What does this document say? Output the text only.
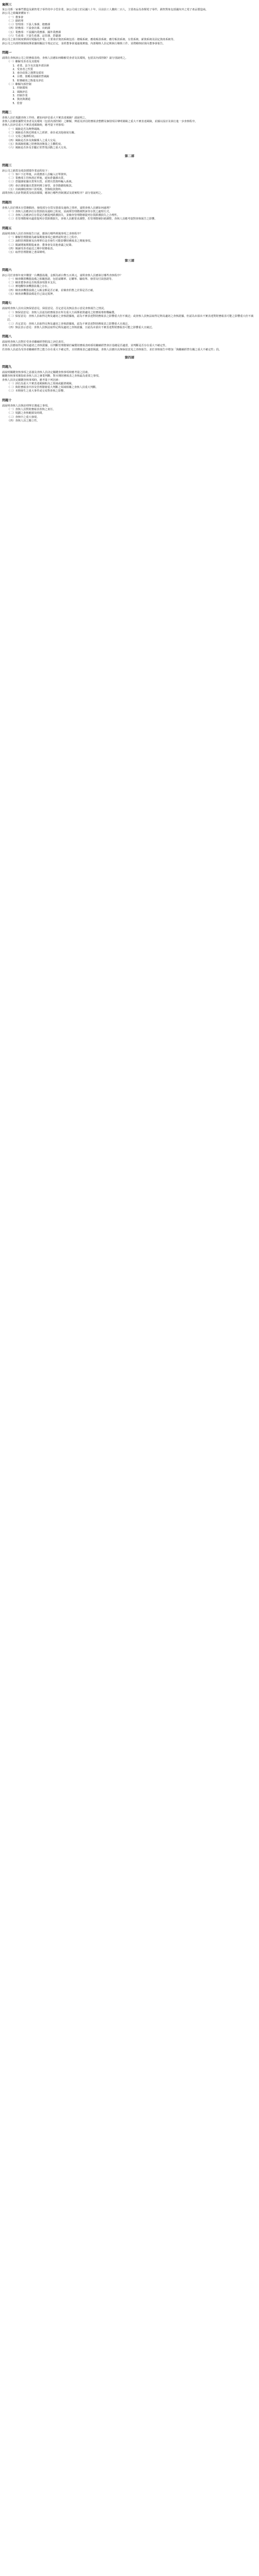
案例三

某公司係一家專門製造及銷售電子零件的中小型企業，該公司成立於民國八十年，目前員工人數約二百人，主要產品為各類電子零件，銷售對象包括國內外之電子產品製造商。

該公司之組織架構如下：

（一）董事會

（二）總經理

（三）管理部：下設人事課、總務課

（四）財務部：下設會計課、出納課

（五）業務部：下設國內業務課、國外業務課

（六）生產部：下設生產課、品管課、倉儲課

該公司之會計制度係採用電腦化作業，主要會計資訊系統包括：總帳系統、應收帳款系統、應付帳款系統、存貨系統、薪資系統及固定資產系統等。

該公司之內部控制制度係依據相關法令規定訂定，並經董事會通過後實施，內部稽核人員定期執行稽核工作，並將稽核結果向董事會報告。

問題一

請問在查核該公司之財務報表時，查核人員應如何瞭解受查者及其環境，包括其內部控制？請分別說明之。

（一）瞭解受查者及其環境

　　1．產業、法令及其他外部因素

　　2．受查者之性質

　　3．會計政策之選擇及採用

　　4．目標、策略及相關經營風險

　　5．財務績效之衡量及評估

（二）瞭解內部控制

　　1．控制環境

　　2．風險評估

　　3．控制作業

　　4．資訊與溝通

　　5．監督

問題二

查核人員於規劃查核工作時，應如何評估重大不實表達風險？請說明之。

查核人員應依據對受查者及其環境（包括內部控制）之瞭解，辨認及評估財務報表整體及個別項目聲明層級之重大不實表達風險，並據以設計及執行進一步查核程序。

查核人員評估重大不實表達風險時，應考量下列事項：

（一）風險是否為舞弊風險。

（二）風險是否與近期重大之經濟、會計或其他發展有關。

（三）交易之複雜程度。

（四）風險是否涉及與關係人之重大交易。

（五）與風險相關之財務資訊衡量之主觀程度。

（六）風險是否涉及非屬正常營業活動之重大交易。

第二部
問題三

該公司之銷貨及收款循環作業流程如下：

（一）客戶下訂單後，由業務部人員輸入訂單資料。

（二）業務部主管核准訂單後，通知倉儲課出貨。

（三）倉儲課依據出貨單出貨，並將出貨資料輸入系統。

（四）會計課依據出貨資料開立發票，並登錄應收帳款。

（五）出納課收到客戶款項後，登錄收款資料。

請問查核人員針對銷貨及收款循環，應執行哪些控制測試及證實程序？請分別說明之。

問題四

查核人員於期末存貨盤點時，發現部分存貨有毀損及過時之情形，請問查核人員應如何處理？

（一）查核人員應評估存貨毀損及過時之程度，並詢問管理階層對該等存貨之處理方式。

（二）查核人員應評估存貨是否應提列跌價損失，並檢查管理階層提列存貨跌價損失之合理性。

（三）若管理階層未適當提列存貨跌價損失，查核人員應要求調整，若管理階層拒絕調整，查核人員應考量對查核報告之影響。

問題五

請說明查核人員於查核報告日前，應執行哪些期後事項之查核程序？

（一）瞭解管理階層為確保期後事項已被辨認所建立之程序。

（二）詢問管理階層及治理單位是否發生可能影響財務報表之期後事項。

（三）閱讀期後期間股東會、董事會及其他會議之紀錄。

（四）閱讀受查者最近之期中財務報表。

（五）取得管理階層之書面聲明。

第三部
問題六

該公司於查核年度中購置一台機器設備，金額為新台幣五百萬元，請問查核人員應執行哪些查核程序？

（一）檢查購置機器設備之相關憑證，包括請購單、訂購單、驗收單、發票及付款憑證等。

（二）檢查董事會是否核准該項資本支出。

（三）實地觀察該機器設備之存在。

（四）檢查該機器設備之入帳金額是否正確，並檢查折舊之計算是否正確。

（五）檢查該機器設備是否已設定抵押。

問題七

請說明查核人員出具無保留意見、保留意見、否定意見及無法表示意見查核報告之情況。

（一）無保留意見：查核人員認為財務報表在所有重大方面係依照適用之財務報導架構編製。

（二）保留意見：查核人員取得足夠及適切之查核證據後，認為不實表達對財務報表之影響重大但不廣泛；或查核人員無法取得足夠及適切之查核證據，但認為未偵出不實表達對財務報表可能之影響重大但不廣泛。

（三）否定意見：查核人員取得足夠及適切之查核證據後，認為不實表達對財務報表之影響重大且廣泛。

（四）無法表示意見：查核人員無法取得足夠及適切之查核證據，且認為未偵出不實表達對財務報表可能之影響重大且廣泛。

問題八

請說明查核人員對於受查者繼續經營假設之評估責任。

查核人員應取得足夠及適切之查核證據，以判斷管理階層於編製財務報表時採用繼續經營會計基礎是否適當，並判斷是否存在重大不確定性。

若查核人員認為受查者繼續經營之能力存在重大不確定性，且財務報表已適當揭露，查核人員應出具無保留意見之查核報告，並於查核報告中增加「與繼續經營有關之重大不確定性」段。

第四部
問題九

請說明關鍵查核事項之意義及查核人員決定關鍵查核事項時應考量之因素。

關鍵查核事項係指依查核人員之專業判斷，對本期財務報表之查核最為重要之事項。

查核人員決定關鍵查核事項時，應考量下列因素：

（一）評估為重大不實表達風險較高之領域或顯著風險。

（二）與財務報表中涉及管理階層重大判斷之領域相關之查核人員重大判斷。

（三）本期發生之重大事件或交易對查核之影響。

問題十

請說明查核人員與治理單位溝通之事項。

（一）查核人員對財務報表查核之責任。

（二）規劃之查核範圍及時間。

（三）查核中之重大發現。

（四）查核人員之獨立性。
